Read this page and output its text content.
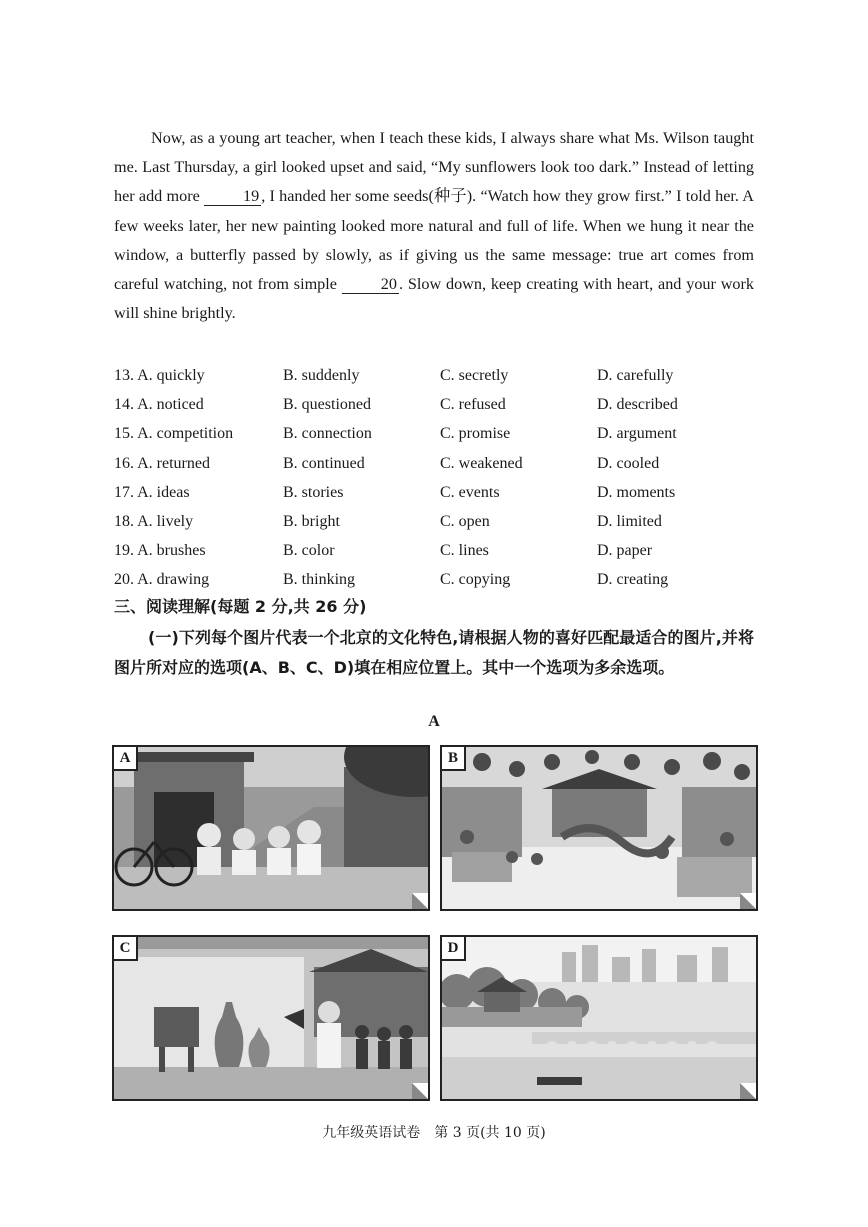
Now, as a young art teacher, when I teach these kids, I always share what Ms. Wilson taught me. Last Thursday, a girl looked upset and said, “My sunflowers look too dark.” Instead of letting her add more 19 , I handed her some seeds(种子). “Watch how they grow first.” I told her. A few weeks later, her new painting looked more natural and full of life. When we hung it near the window, a butterfly passed by slowly, as if giving us the same message: true art comes from careful watching, not from simple 20 . Slow down, keep creating with heart, and your work will shine brightly.

13. A. quickly	B. suddenly	C. secretly	D. carefully
14. A. noticed	B. questioned	C. refused	D. described
15. A. competition	B. connection	C. promise	D. argument
16. A. returned	B. continued	C. weakened	D. cooled
17. A. ideas	B. stories	C. events	D. moments
18. A. lively	B. bright	C. open	D. limited
19. A. brushes	B. color	C. lines	D. paper
20. A. drawing	B. thinking	C. copying	D. creating
三、阅读理解(每题 2 分,共 26 分)

(一)下列每个图片代表一个北京的文化特色,请根据人物的喜好匹配最适合的图片,并将图片所对应的选项(A、B、C、D)填在相应位置上。其中一个选项为多余选项。

A
A	B
C	D
九年级英语试卷　第 3 页(共 10 页)
